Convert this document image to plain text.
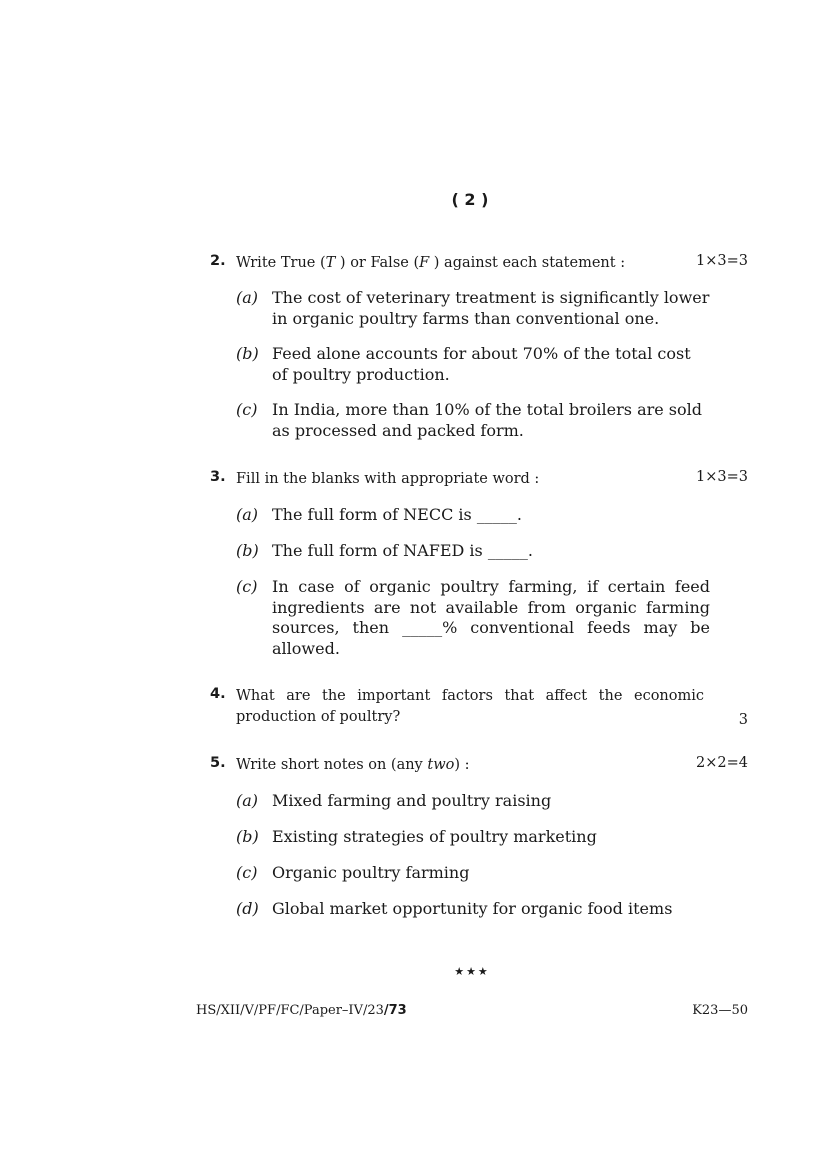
( 2 )
2. Write True (T ) or False (F ) against each statement :	1×3=3
(a) The cost of veterinary treatment is significantly lower in organic poultry farms than conventional one.
(b) Feed alone accounts for about 70% of the total cost of poultry production.
(c) In India, more than 10% of the total broilers are sold as processed and packed form.
3. Fill in the blanks with appropriate word :	1×3=3
(a) The full form of NECC is _____.
(b) The full form of NAFED is _____.
(c) In case of organic poultry farming, if certain feed ingredients are not available from organic farming sources, then _____% conventional feeds may be allowed.
4. What are the important factors that affect the economic production of poultry?	3
5. Write short notes on (any two) :	2×2=4
(a) Mixed farming and poultry raising
(b) Existing strategies of poultry marketing
(c) Organic poultry farming
(d) Global market opportunity for organic food items
★★★
HS/XII/V/PF/FC/Paper–IV/23/73	K23—50
